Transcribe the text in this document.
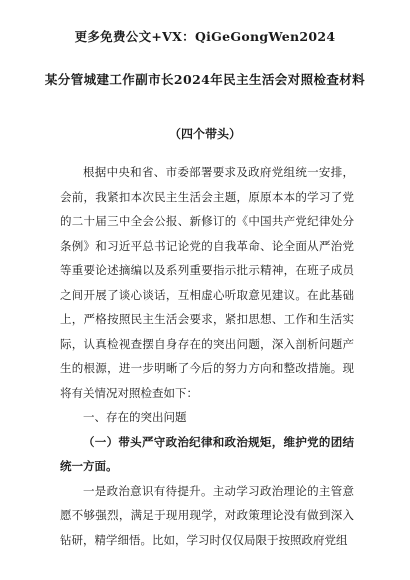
更多免费公文+VX：QiGeGongWen2024
某分管城建工作副市长2024年民主生活会对照检查材料
（四个带头）

根据中央和省、市委部署要求及政府党组统一安排，会前，我紧扣本次民主生活会主题，原原本本的学习了党的二十届三中全会公报、新修订的《中国共产党纪律处分条例》和习近平总书记论党的自我革命、论全面从严治党等重要论述摘编以及系列重要指示批示精神，在班子成员之间开展了谈心谈话，互相虚心听取意见建议。在此基础上，严格按照民主生活会要求，紧扣思想、工作和生活实际，认真检视查摆自身存在的突出问题，深入剖析问题产生的根源，进一步明晰了今后的努力方向和整改措施。现将有关情况对照检查如下：

一、存在的突出问题

（一）带头严守政治纪律和政治规矩，维护党的团结统一方面。

一是政治意识有待提升。主动学习政治理论的主管意愿不够强烈，满足于现用现学，对政策理论没有做到深入钻研，精学细悟。比如，学习时仅仅局限于按照政府党组
